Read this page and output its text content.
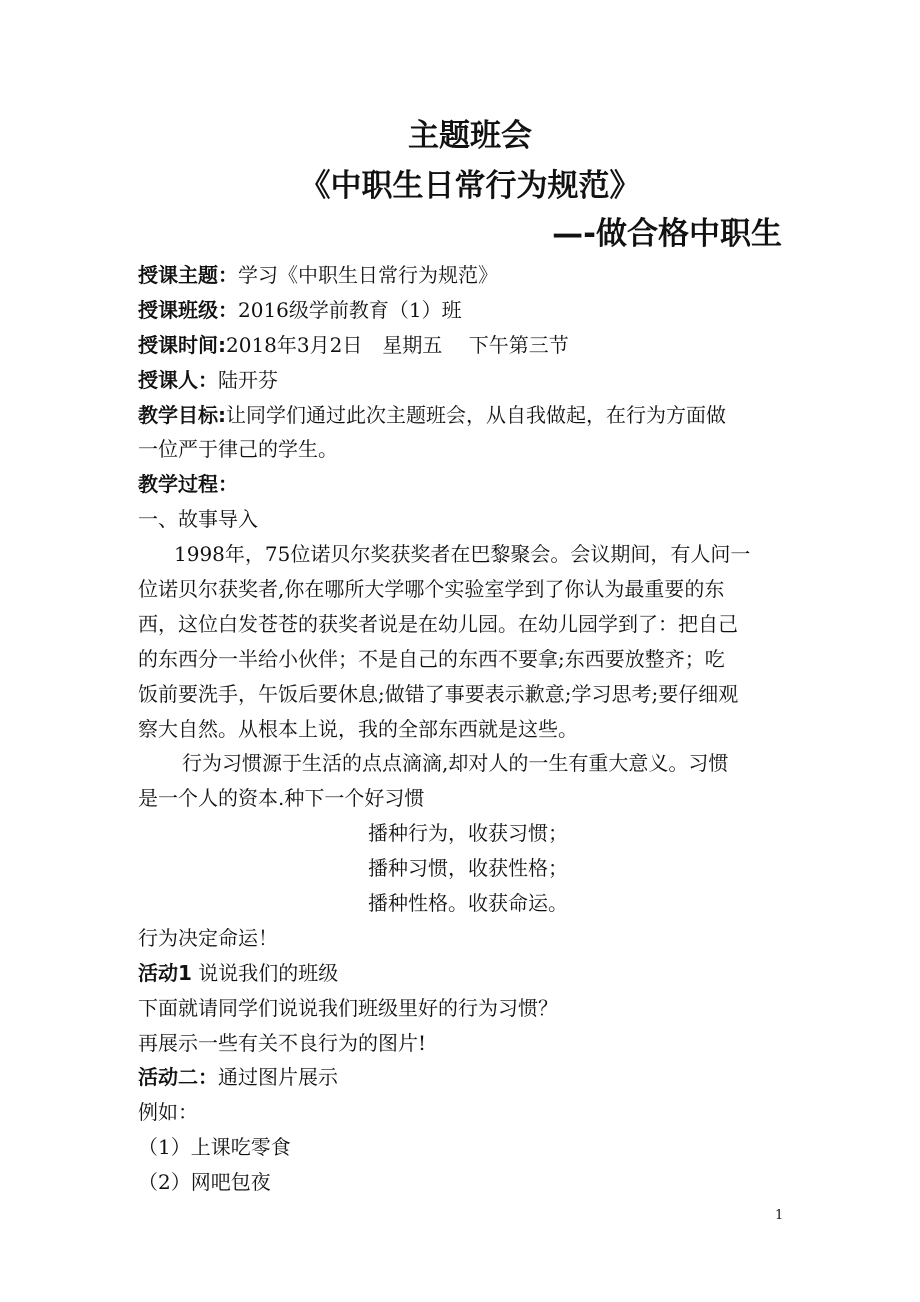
主题班会
《中职生日常行为规范》
—-做合格中职生
授课主题：学习《中职生日常行为规范》
授课班级：2016级学前教育（1）班
授课时间:2018年3月2日　星期五　 下午第三节
授课人：陆开芬
教学目标:让同学们通过此次主题班会，从自我做起，在行为方面做
一位严于律己的学生。
教学过程：
一、故事导入
1998年，75位诺贝尔奖获奖者在巴黎聚会。会议期间，有人问一
位诺贝尔获奖者,你在哪所大学哪个实验室学到了你认为最重要的东
西，这位白发苍苍的获奖者说是在幼儿园。在幼儿园学到了：把自己
的东西分一半给小伙伴；不是自己的东西不要拿;东西要放整齐；吃
饭前要洗手，午饭后要休息;做错了事要表示歉意;学习思考;要仔细观
察大自然。从根本上说，我的全部东西就是这些。
行为习惯源于生活的点点滴滴,却对人的一生有重大意义。习惯
是一个人的资本.种下一个好习惯
播种行为，收获习惯；
播种习惯，收获性格；
播种性格。收获命运。
行为决定命运！
活动1 说说我们的班级
下面就请同学们说说我们班级里好的行为习惯？
再展示一些有关不良行为的图片!
活动二：通过图片展示
例如：
（1）上课吃零食
（2）网吧包夜
1
